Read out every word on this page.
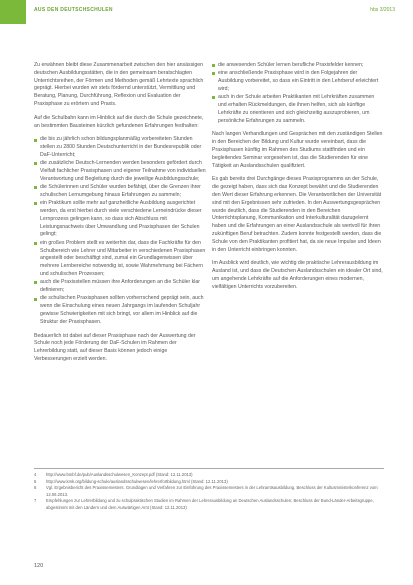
AUS DEN DEUTSCHSCHULEN	hbs 3/2013

Zu erwähnen bleibt diese Zusammenarbeit zwischen den hier ansässigen deutschen Ausbildungsstätten, die in den gemeinsam beratschlagten Unterrichtsreihen, der Förmen und Methoden gemäß Lehrtexte sprachlich geprägt. Hierbei wurden wir stets fördernd unterstützt, Vermittlung und Beratung, Planung, Durchführung, Reflexion und Evaluation der Praxisphase zu erörtern und Praxis.

Auf die Schulbahn kann im Hinblick auf die durch die Schule gezeichnete, an bestimmten Bausteinen kürzlich gefundenen Erfahrungen festhalten:

die bis zu jährlich schon bildungsplanmäßig vorbereiteten Stunden stellen zu 2800 Stunden Deutschunterricht in der Bundesrepublik oder DaF-Unterricht;
die zusätzliche Deutsch-Lernenden werden besonders gefördert durch Vielfalt fachlicher Praxisphasen und eigener Teilnahme von individuellen Verantwortung und Begleitung durch die jeweilige Ausbildungsschule;
die Schülerinnen und Schüler wurden befähigt, über die Grenzen ihrer schulischen Lernumgebung hinaus Erfahrungen zu sammeln;
ein Praktikum sollte mehr auf ganzheitliche Ausbildung ausgerichtet werden, da erst hierbei durch viele verschiedene Lerneindrücke dieser Lernprozess gelingen kann, so dass sich Abschluss mit Leistungsnachweis über Umwandlung und Praxisphasen der Schulen gelingt;
ein großes Problem stellt es weiterhin dar, dass die Fachkräfte für den Schulbereich wie Lehrer und Mitarbeiter in verschiedenen Praxisphasen angestellt oder beschäftigt sind, zumal ein Grundlagenwissen über mehrere Lernbereiche notwendig ist, sowie Wahrnehmung bei Fächern und schulischen Prozessen;
auch die Praxisstellen müssen ihre Anforderungen an die Schüler klar definieren;
die schulischen Praxisphasen sollten vorherrschend geprägt sein, auch wenn die Einschulung eines neuen Jahrgangs im laufenden Schuljahr gewisse Schwierigkeiten mit sich bringt, vor allem im Hinblick auf die Struktur der Praxisphasen.

Bedauerlich ist dabei auf dieser Praxisphase nach der Auswertung der Schule noch jede Förderung der DaF-Schulen im Rahmen der Lehrerbildung statt, auf dieser Basis können jedoch einige Verbesserungen erzielt werden.

die anwesenden Schüler lernen berufliche Praxisfelder kennen;
eine anschließende Praxisphase wird in den Folgejahren der Ausbildung vorbereitet, so dass ein Eintritt in den Lehrberuf erleichtert wird;
auch in der Schule arbeiten Praktikanten mit Lehrkräften zusammen und erhalten Rückmeldungen, die ihnen helfen, sich als künftige Lehrkräfte zu orientieren und sich gleichzeitig auszuprobieren, um persönliche Erfahrungen zu sammeln.

Nach langen Verhandlungen und Gesprächen mit den zuständigen Stellen in den Bereichen der Bildung und Kultur wurde vereinbart, dass die Praxisphasen künftig im Rahmen des Studiums stattfinden und ein begleitendes Seminar vorgesehen ist, das die Studierenden für eine Tätigkeit an Auslandsschulen qualifiziert.

Es gab bereits drei Durchgänge dieses Praxisprogramms an der Schule, die gezeigt haben, dass sich das Konzept bewährt und die Studierenden den Wert dieser Erfahrung erkennen. Die Verantwortlichen der Universität sind mit den Ergebnissen sehr zufrieden. In den Auswertungsgesprächen wurde deutlich, dass die Studierenden in den Bereichen Unterrichtsplanung, Kommunikation und Interkulturalität dazugelernt haben und die Erfahrungen an einer Auslandsschule als wertvoll für ihren zukünftigen Beruf betrachten. Zudem konnte festgestellt werden, dass die Schule von den Praktikanten profitiert hat, da sie neue Impulse und Ideen in den Unterricht einbringen konnten.

Im Ausblick wird deutlich, wie wichtig die praktische Lehrerausbildung im Ausland ist, und dass die Deutschen Auslandsschulen ein idealer Ort sind, um angehende Lehrkräfte auf die Anforderungen eines modernen, vielfältigen Unterrichts vorzubereiten.

4 http://www.bmbf.de/pub/Auslandsschulwesen_Konzept.pdf (Stand: 12.11.2013)
5 http://www.kmk.org/bildung-schule/auslandsschulwesen/lehrerfortbildung.html (Stand: 12.11.2013)
6 Vgl. Ergebnisbericht des Praxissemesters. Grundlagen und Verfahren zur Einführung des Praxissemesters in der Lehramtsausbildung. Beschluss der Kultusministerkonferenz vom 12.06.2013.
7 Empfehlungen zur Lehrerbildung und zu schulpraktischen Studien im Rahmen der Lehrerausbildung an Deutschen Auslandsschulen; Beschluss der Bund-Länder-Arbeitsgruppe, abgestimmt mit den Ländern und dem Auswärtigen Amt (Stand: 12.11.2013)
120
